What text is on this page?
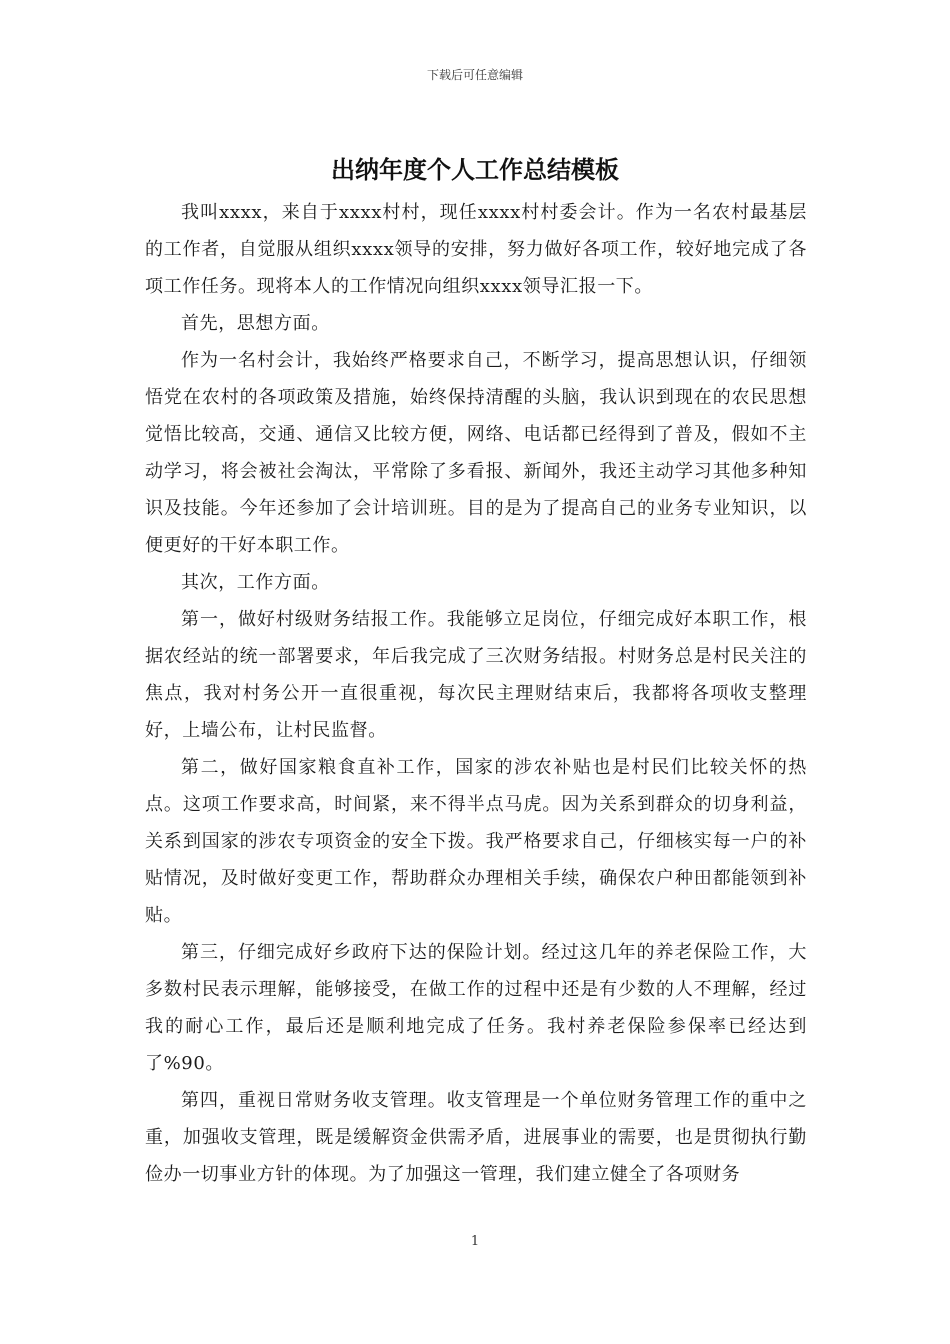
下载后可任意编辑
出纳年度个人工作总结模板

我叫xxxx，来自于xxxx村村，现任xxxx村村委会计。作为一名农村最基层的工作者，自觉服从组织xxxx领导的安排，努力做好各项工作，较好地完成了各项工作任务。现将本人的工作情况向组织xxxx领导汇报一下。

首先，思想方面。

作为一名村会计，我始终严格要求自己，不断学习，提高思想认识，仔细领悟党在农村的各项政策及措施，始终保持清醒的头脑，我认识到现在的农民思想觉悟比较高，交通、通信又比较方便，网络、电话都已经得到了普及，假如不主动学习，将会被社会淘汰，平常除了多看报、新闻外，我还主动学习其他多种知识及技能。今年还参加了会计培训班。目的是为了提高自己的业务专业知识，以便更好的干好本职工作。

其次，工作方面。

第一，做好村级财务结报工作。我能够立足岗位，仔细完成好本职工作，根据农经站的统一部署要求，年后我完成了三次财务结报。村财务总是村民关注的焦点，我对村务公开一直很重视，每次民主理财结束后，我都将各项收支整理好，上墙公布，让村民监督。

第二，做好国家粮食直补工作，国家的涉农补贴也是村民们比较关怀的热点。这项工作要求高，时间紧，来不得半点马虎。因为关系到群众的切身利益，关系到国家的涉农专项资金的安全下拨。我严格要求自己，仔细核实每一户的补贴情况，及时做好变更工作，帮助群众办理相关手续，确保农户种田都能领到补贴。

第三，仔细完成好乡政府下达的保险计划。经过这几年的养老保险工作，大多数村民表示理解，能够接受，在做工作的过程中还是有少数的人不理解，经过我的耐心工作，最后还是顺利地完成了任务。我村养老保险参保率已经达到了%90。

第四，重视日常财务收支管理。收支管理是一个单位财务管理工作的重中之重，加强收支管理，既是缓解资金供需矛盾，进展事业的需要，也是贯彻执行勤俭办一切事业方针的体现。为了加强这一管理，我们建立健全了各项财务

1
